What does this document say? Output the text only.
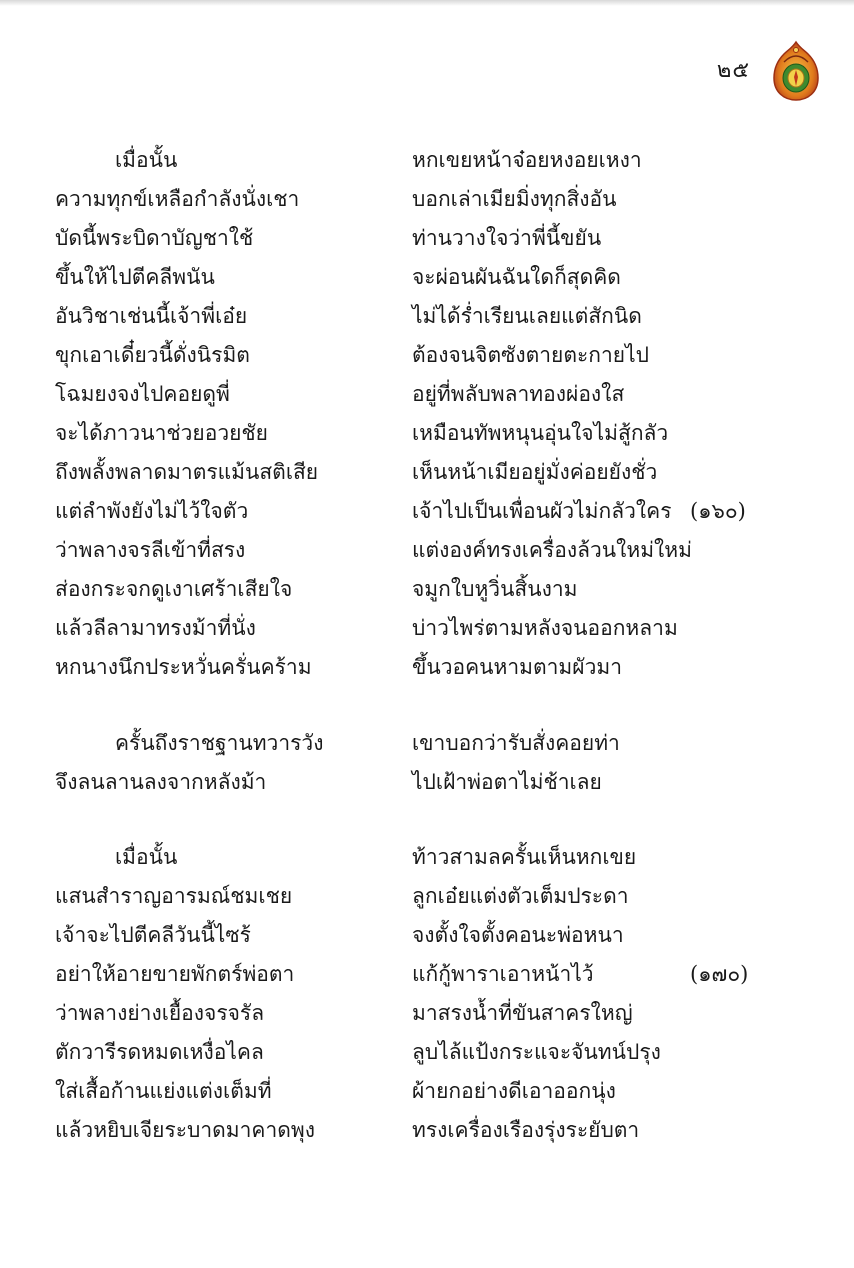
๒๕
เมื่อนั้น	หกเขยหน้าจ๋อยหงอยเหงา
ความทุกข์เหลือกำลังนั่งเชา	บอกเล่าเมียมิ่งทุกสิ่งอัน
บัดนี้พระบิดาบัญชาใช้	ท่านวางใจว่าพี่นี้ขยัน
ขึ้นให้ไปตีคลีพนัน	จะผ่อนผันฉันใดก็สุดคิด
อันวิชาเช่นนี้เจ้าพี่เอ๋ย	ไม่ได้ร่ำเรียนเลยแต่สักนิด
ขุกเอาเดี๋ยวนี้ดั่งนิรมิต	ต้องจนจิตซังตายตะกายไป
โฉมยงจงไปคอยดูพี่	อยู่ที่พลับพลาทองผ่องใส
จะได้ภาวนาช่วยอวยชัย	เหมือนทัพหนุนอุ่นใจไม่สู้กลัว
ถึงพลั้งพลาดมาตรแม้นสติเสีย	เห็นหน้าเมียอยู่มั่งค่อยยังชั่ว
แต่ลำพังยังไม่ไว้ใจตัว	เจ้าไปเป็นเพื่อนผัวไม่กลัวใคร (๑๖๐)
ว่าพลางจรลีเข้าที่สรง	แต่งองค์ทรงเครื่องล้วนใหม่ใหม่
ส่องกระจกดูเงาเศร้าเสียใจ	จมูกใบหูวิ่นสิ้นงาม
แล้วลีลามาทรงม้าที่นั่ง	บ่าวไพร่ตามหลังจนออกหลาม
หกนางนึกประหวั่นครั่นคร้าม	ขึ้นวอคนหามตามผัวมา
ครั้นถึงราชฐานทวารวัง	เขาบอกว่ารับสั่งคอยท่า
จึงลนลานลงจากหลังม้า	ไปเฝ้าพ่อตาไม่ช้าเลย
เมื่อนั้น	ท้าวสามลครั้นเห็นหกเขย
แสนสำราญอารมณ์ชมเชย	ลูกเอ๋ยแต่งตัวเต็มประดา
เจ้าจะไปตีคลีวันนี้ไซร้	จงตั้งใจตั้งคอนะพ่อหนา
อย่าให้อายขายพักตร์พ่อตา	แก้กู้พาราเอาหน้าไว้	(๑๗๐)
ว่าพลางย่างเยื้องจรจรัล	มาสรงน้ำที่ขันสาครใหญ่
ตักวารีรดหมดเหงื่อไคล	ลูบไล้แป้งกระแจะจันทน์ปรุง
ใส่เสื้อก้านแย่งแต่งเต็มที่	ผ้ายกอย่างดีเอาออกนุ่ง
แล้วหยิบเจียระบาดมาคาดพุง	ทรงเครื่องเรืองรุ่งระยับตา
